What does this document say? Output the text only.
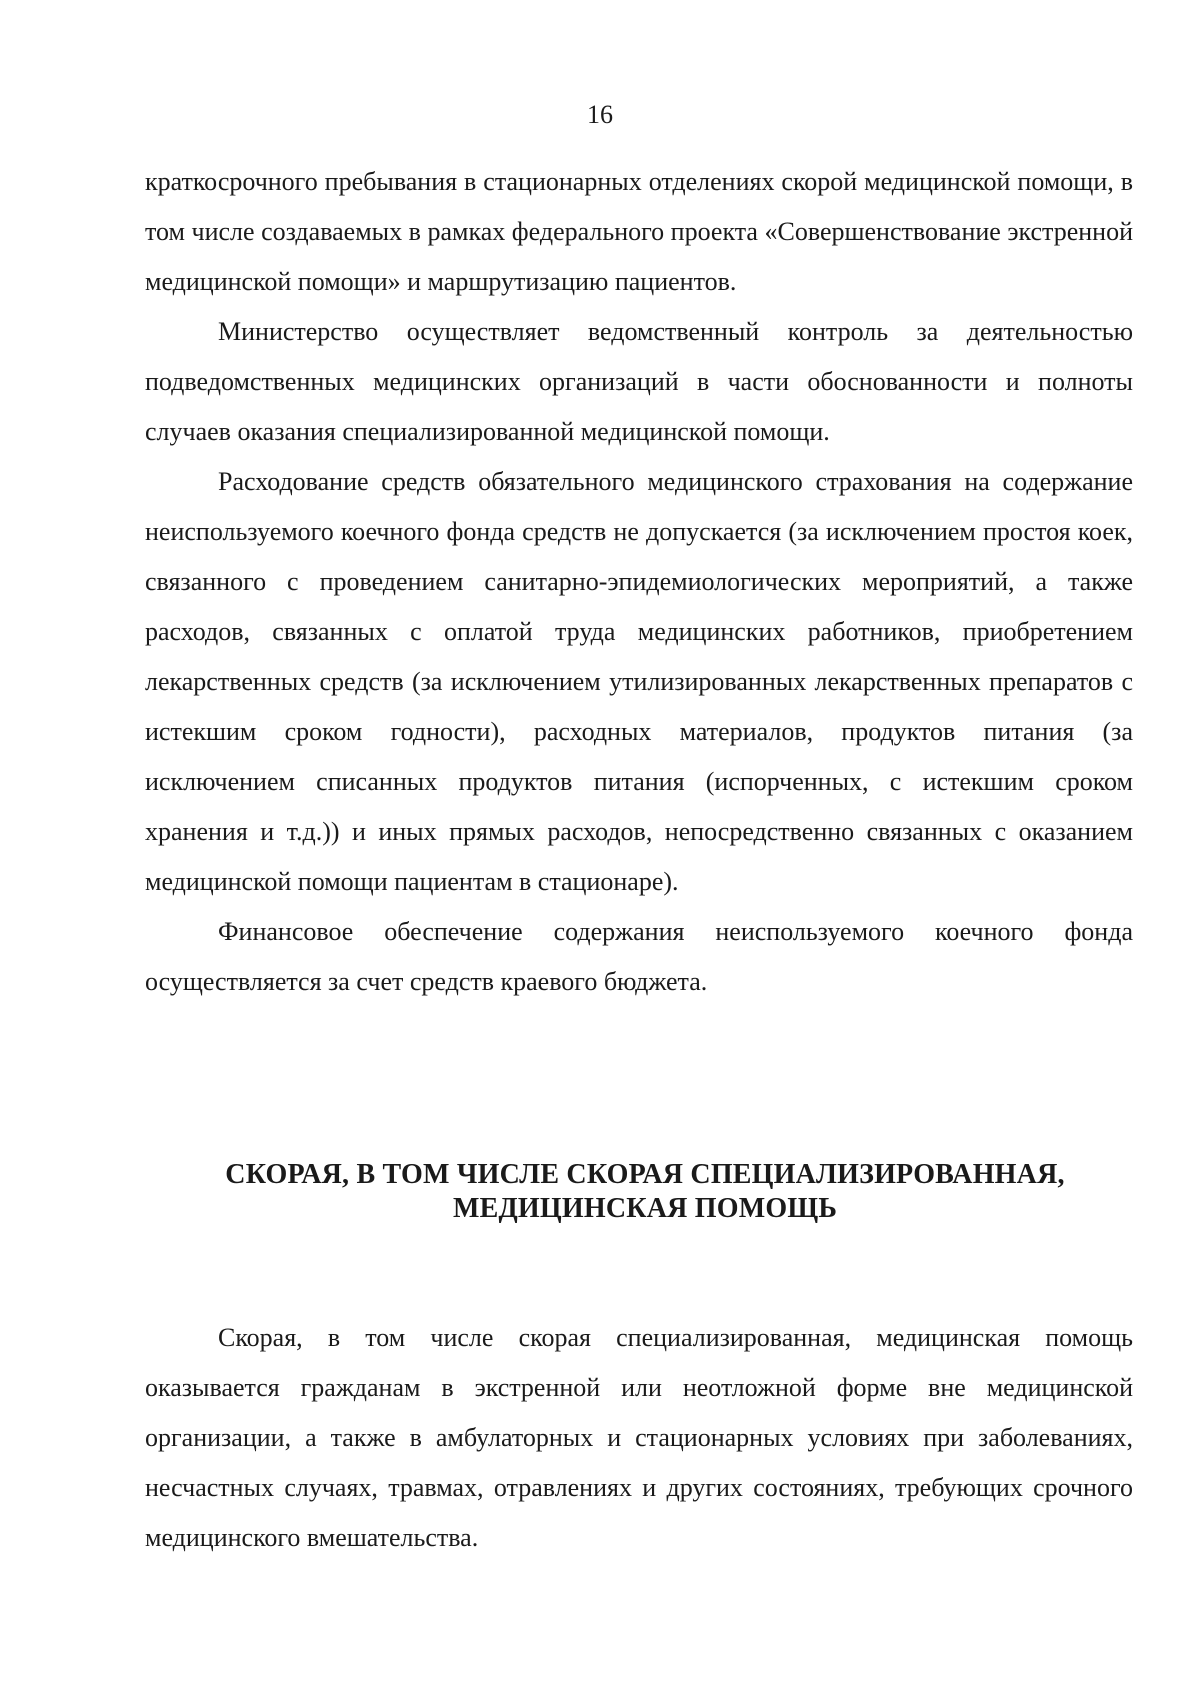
16

краткосрочного пребывания в стационарных отделениях скорой медицинской помощи, в том числе создаваемых в рамках федерального проекта «Совершенствование экстренной медицинской помощи» и маршрутизацию пациентов.

Министерство осуществляет ведомственный контроль за деятельностью подведомственных медицинских организаций в части обоснованности и полноты случаев оказания специализированной медицинской помощи.

Расходование средств обязательного медицинского страхования на содержание неиспользуемого коечного фонда средств не допускается (за исключением простоя коек, связанного с проведением санитарно-эпидемиологических мероприятий, а также расходов, связанных с оплатой труда медицинских работников, приобретением лекарственных средств (за исключением утилизированных лекарственных препаратов с истекшим сроком годности), расходных материалов, продуктов питания (за исключением списанных продуктов питания (испорченных, с истекшим сроком хранения и т.д.)) и иных прямых расходов, непосредственно связанных с оказанием медицинской помощи пациентам в стационаре).

Финансовое обеспечение содержания неиспользуемого коечного фонда осуществляется за счет средств краевого бюджета.

СКОРАЯ, В ТОМ ЧИСЛЕ СКОРАЯ СПЕЦИАЛИЗИРОВАННАЯ,
МЕДИЦИНСКАЯ ПОМОЩЬ

Скорая, в том числе скорая специализированная, медицинская помощь оказывается гражданам в экстренной или неотложной форме вне медицинской организации, а также в амбулаторных и стационарных условиях при заболеваниях, несчастных случаях, травмах, отравлениях и других состояниях, требующих срочного медицинского вмешательства.
